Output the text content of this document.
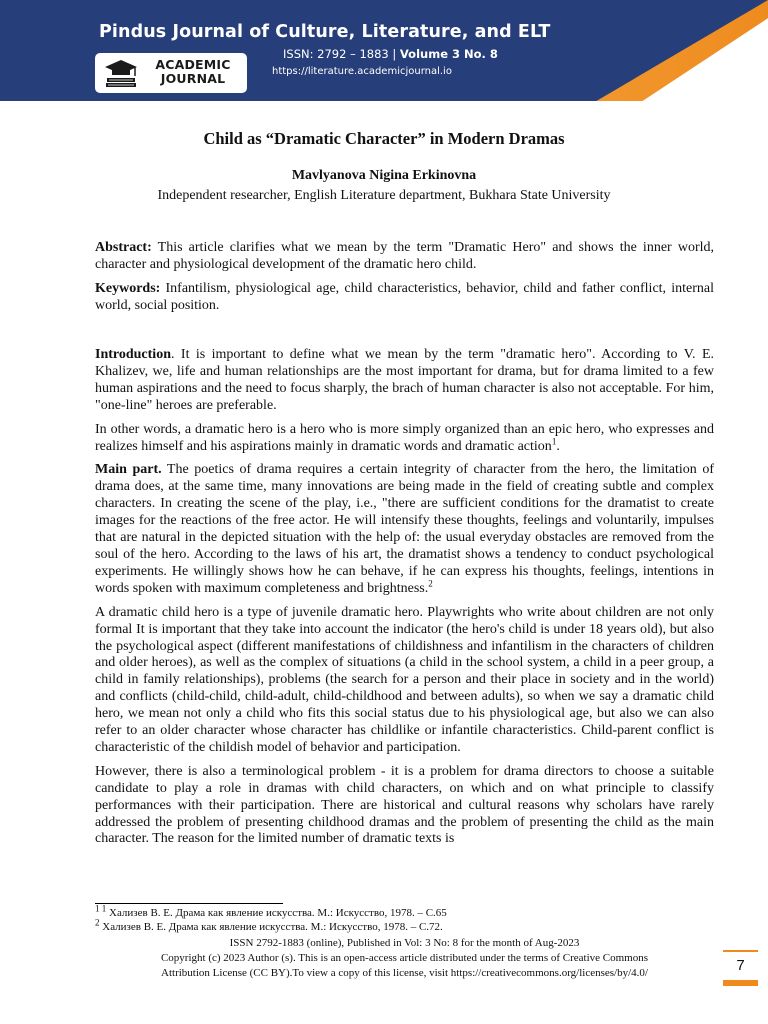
Pindus Journal of Culture, Literature, and ELT
ISSN: 2792 – 1883 | Volume 3 No. 8
https://literature.academicjournal.io
ACADEMIC
JOURNAL
Child as “Dramatic Character” in Modern Dramas
Mavlyanova Nigina Erkinovna
Independent researcher, English Literature department, Bukhara State University

Abstract: This article clarifies what we mean by the term "Dramatic Hero" and shows the inner world, character and physiological development of the dramatic hero child.

Keywords: Infantilism, physiological age, child characteristics, behavior, child and father conflict, internal world, social position.

Introduction. It is important to define what we mean by the term "dramatic hero". According to V. E. Khalizev, we, life and human relationships are the most important for drama, but for drama limited to a few human aspirations and the need to focus sharply, the brach of human character is also not acceptable. For him, "one-line" heroes are preferable.

In other words, a dramatic hero is a hero who is more simply organized than an epic hero, who expresses and realizes himself and his aspirations mainly in dramatic words and dramatic action$^1$.

Main part. The poetics of drama requires a certain integrity of character from the hero, the limitation of drama does, at the same time, many innovations are being made in the field of creating subtle and complex characters. In creating the scene of the play, i.e., "there are sufficient conditions for the dramatist to create images for the reactions of the free actor. He will intensify these thoughts, feelings and voluntarily, impulses that are natural in the depicted situation with the help of: the usual everyday obstacles are removed from the soul of the hero. According to the laws of his art, the dramatist shows a tendency to conduct psychological experiments. He willingly shows how he can behave, if he can express his thoughts, feelings, intentions in words spoken with maximum completeness and brightness.$^2$

A dramatic child hero is a type of juvenile dramatic hero. Playwrights who write about children are not only formal It is important that they take into account the indicator (the hero's child is under 18 years old), but also the psychological aspect (different manifestations of childishness and infantilism in the characters of children and older heroes), as well as the complex of situations (a child in the school system, a child in a peer group, a child in family relationships), problems (the search for a person and their place in society and in the world) and conflicts (child-child, child-adult, child-childhood and between adults), so when we say a dramatic child hero, we mean not only a child who fits this social status due to his physiological age, but also we can also refer to an older character whose character has childlike or infantile characteristics. Child-parent conflict is characteristic of the childish model of behavior and participation.

However, there is also a terminological problem - it is a problem for drama directors to choose a suitable candidate to play a role in dramas with child characters, on which and on what principle to classify performances with their participation. There are historical and cultural reasons why scholars have rarely addressed the problem of presenting childhood dramas and the problem of presenting the child as the main character. The reason for the limited number of dramatic texts is

$^{1 1}$ Хализев В. Е. Драма как явление искусства. М.: Искусство, 1978. – С.65
$^2$ Хализев В. Е. Драма как явление искусства. М.: Искусство, 1978. – С.72.
ISSN 2792-1883 (online), Published in Vol: 3 No: 8 for the month of Aug-2023
Copyright (c) 2023 Author (s). This is an open-access article distributed under the terms of Creative Commons
Attribution License (CC BY).To view a copy of this license, visit https://creativecommons.org/licenses/by/4.0/	7
